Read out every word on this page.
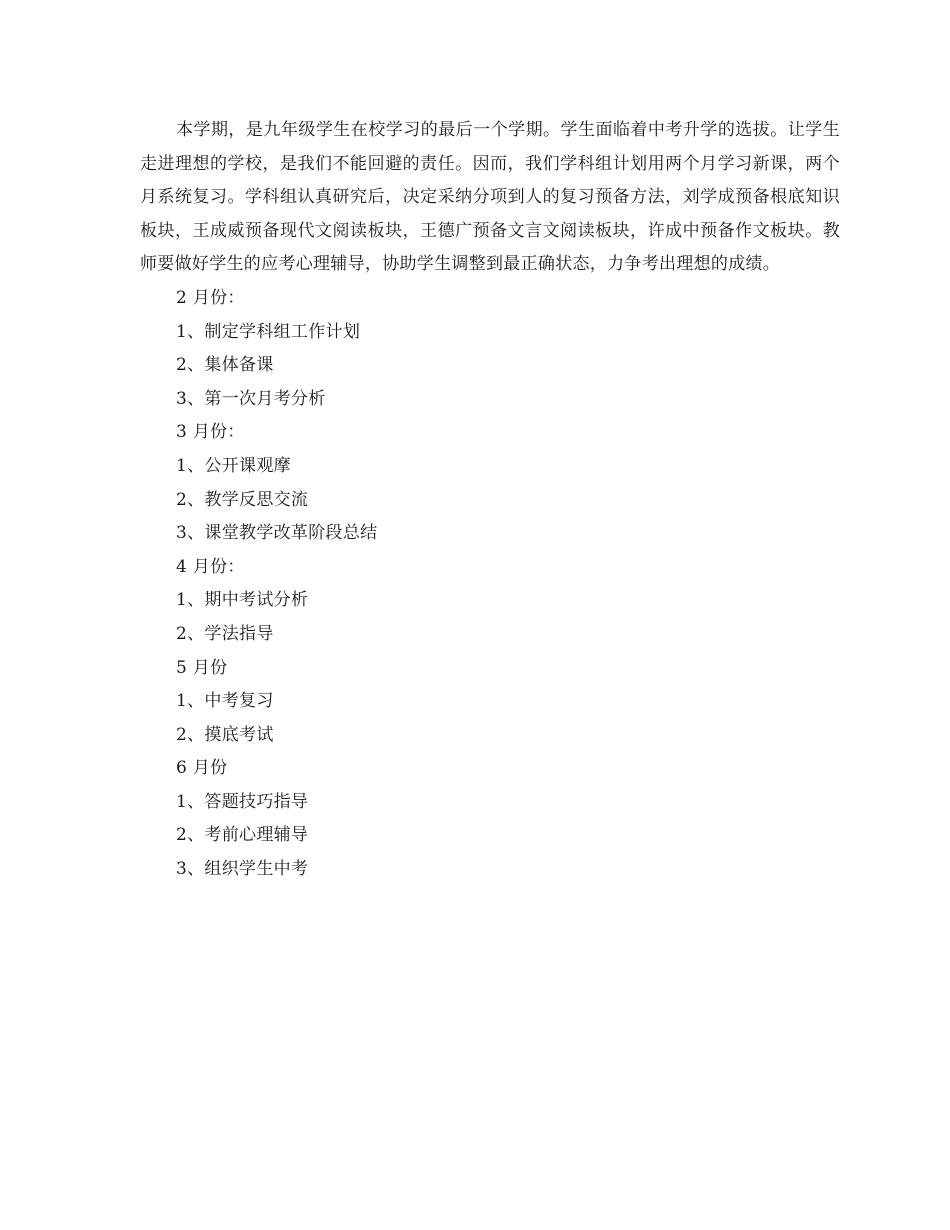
本学期，是九年级学生在校学习的最后一个学期。学生面临着中考升学的选拔。让学生走进理想的学校，是我们不能回避的责任。因而，我们学科组计划用两个月学习新课，两个月系统复习。学科组认真研究后，决定采纳分项到人的复习预备方法，刘学成预备根底知识板块，王成威预备现代文阅读板块，王德广预备文言文阅读板块，许成中预备作文板块。教师要做好学生的应考心理辅导，协助学生调整到最正确状态，力争考出理想的成绩。

2 月份：

1、制定学科组工作计划

2、集体备课

3、第一次月考分析

3 月份：

1、公开课观摩

2、教学反思交流

3、课堂教学改革阶段总结

4 月份：

1、期中考试分析

2、学法指导

5 月份

1、中考复习

2、摸底考试

6 月份

1、答题技巧指导

2、考前心理辅导

3、组织学生中考
